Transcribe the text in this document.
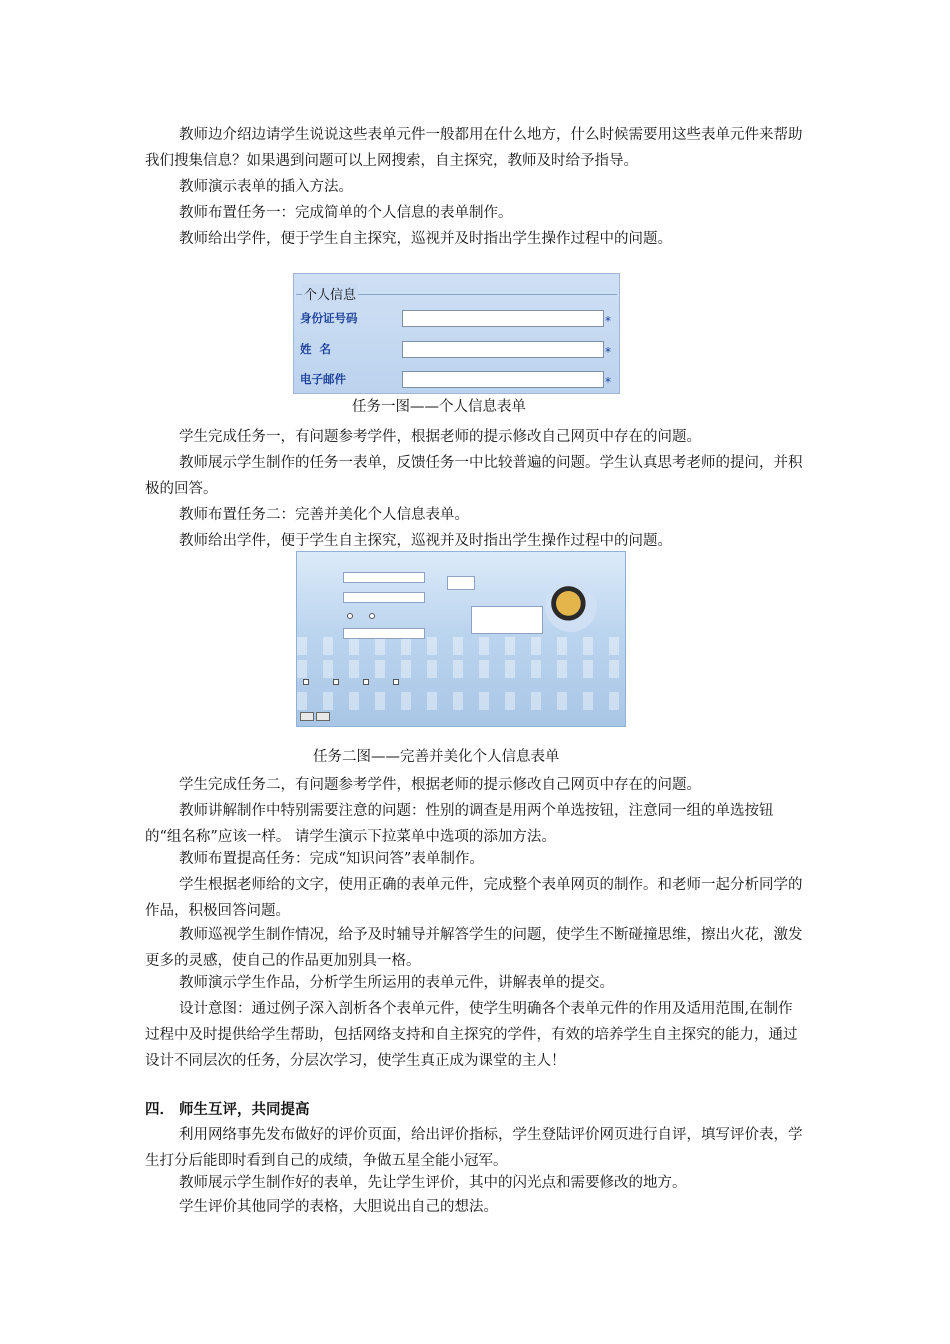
教师边介绍边请学生说说这些表单元件一般都用在什么地方，什么时候需要用这些表单元件来帮助我们搜集信息？如果遇到问题可以上网搜索，自主探究，教师及时给予指导。

教师演示表单的插入方法。

教师布置任务一：完成简单的个人信息的表单制作。

教师给出学件，便于学生自主探究，巡视并及时指出学生操作过程中的问题。

个人信息
身份证号码	*
姓  名	*
电子邮件	*
任务一图——个人信息表单

学生完成任务一，有问题参考学件，根据老师的提示修改自己网页中存在的问题。

教师展示学生制作的任务一表单，反馈任务一中比较普遍的问题。学生认真思考老师的提问，并积极的回答。

教师布置任务二：完善并美化个人信息表单。

教师给出学件，便于学生自主探究，巡视并及时指出学生操作过程中的问题。

任务二图——完善并美化个人信息表单

学生完成任务二，有问题参考学件，根据老师的提示修改自己网页中存在的问题。

教师讲解制作中特别需要注意的问题：性别的调查是用两个单选按钮，注意同一组的单选按钮的“组名称”应该一样。 请学生演示下拉菜单中选项的添加方法。

教师布置提高任务：完成“知识问答”表单制作。

学生根据老师给的文字，使用正确的表单元件，完成整个表单网页的制作。和老师一起分析同学的作品，积极回答问题。

教师巡视学生制作情况，给予及时辅导并解答学生的问题，使学生不断碰撞思维，擦出火花，激发更多的灵感，使自己的作品更加别具一格。

教师演示学生作品，分析学生所运用的表单元件，讲解表单的提交。

设计意图：通过例子深入剖析各个表单元件，使学生明确各个表单元件的作用及适用范围,在制作过程中及时提供给学生帮助，包括网络支持和自主探究的学件，有效的培养学生自主探究的能力，通过设计不同层次的任务，分层次学习，使学生真正成为课堂的主人！

四． 师生互评，共同提高

利用网络事先发布做好的评价页面，给出评价指标，学生登陆评价网页进行自评，填写评价表，学生打分后能即时看到自己的成绩，争做五星全能小冠军。

教师展示学生制作好的表单，先让学生评价，其中的闪光点和需要修改的地方。

学生评价其他同学的表格，大胆说出自己的想法。
